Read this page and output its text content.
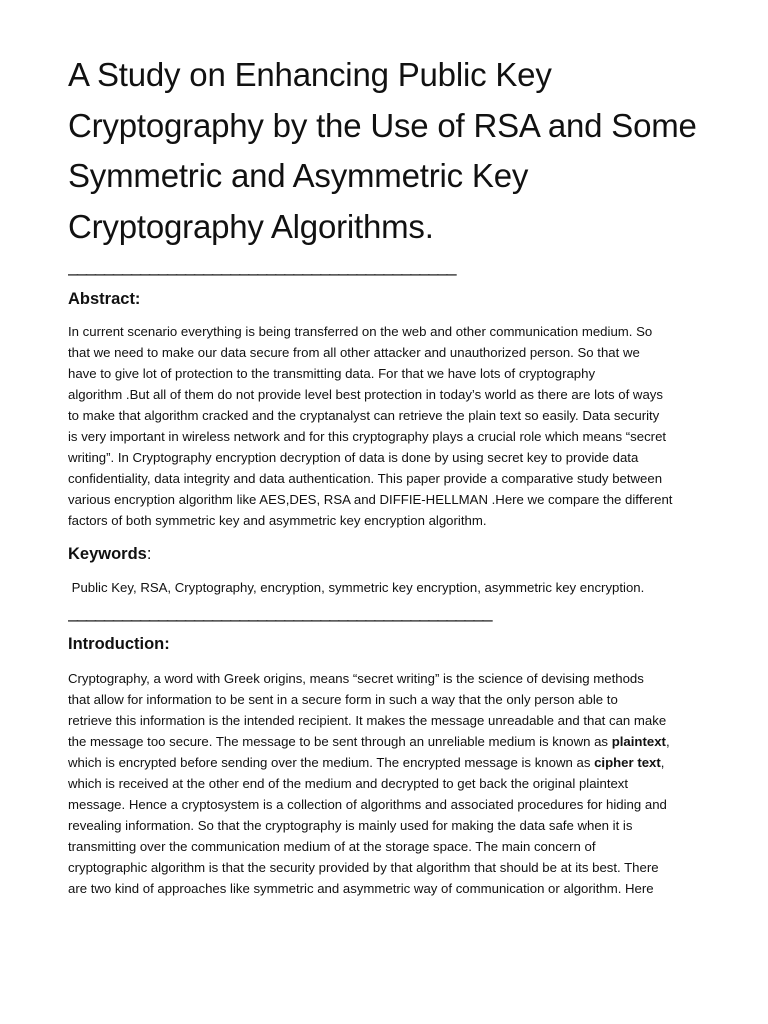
A Study on Enhancing Public Key
Cryptography by the Use of RSA and Some
Symmetric and Asymmetric Key
Cryptography Algorithms.
___________________________________________
Abstract:
In current scenario everything is being transferred on the web and other communication medium. So
that we need to make our data secure from all other attacker and unauthorized person. So that we
have to give lot of protection to the transmitting data. For that we have lots of cryptography
algorithm .But all of them do not provide level best protection in today’s world as there are lots of ways
to make that algorithm cracked and the cryptanalyst can retrieve the plain text so easily. Data security
is very important in wireless network and for this cryptography plays a crucial role which means “secret
writing”. In Cryptography encryption decryption of data is done by using secret key to provide data
confidentiality, data integrity and data authentication. This paper provide a comparative study between
various encryption algorithm like AES,DES, RSA and DIFFIE-HELLMAN .Here we compare the different
factors of both symmetric key and asymmetric key encryption algorithm.
Keywords:
Public Key, RSA, Cryptography, encryption, symmetric key encryption, asymmetric key encryption.
_______________________________________________
Introduction:
Cryptography, a word with Greek origins, means “secret writing” is the science of devising methods
that allow for information to be sent in a secure form in such a way that the only person able to
retrieve this information is the intended recipient. It makes the message unreadable and that can make
the message too secure. The message to be sent through an unreliable medium is known as plaintext,
which is encrypted before sending over the medium. The encrypted message is known as cipher text,
which is received at the other end of the medium and decrypted to get back the original plaintext
message. Hence a cryptosystem is a collection of algorithms and associated procedures for hiding and
revealing information. So that the cryptography is mainly used for making the data safe when it is
transmitting over the communication medium of at the storage space. The main concern of
cryptographic algorithm is that the security provided by that algorithm that should be at its best. There
are two kind of approaches like symmetric and asymmetric way of communication or algorithm. Here
